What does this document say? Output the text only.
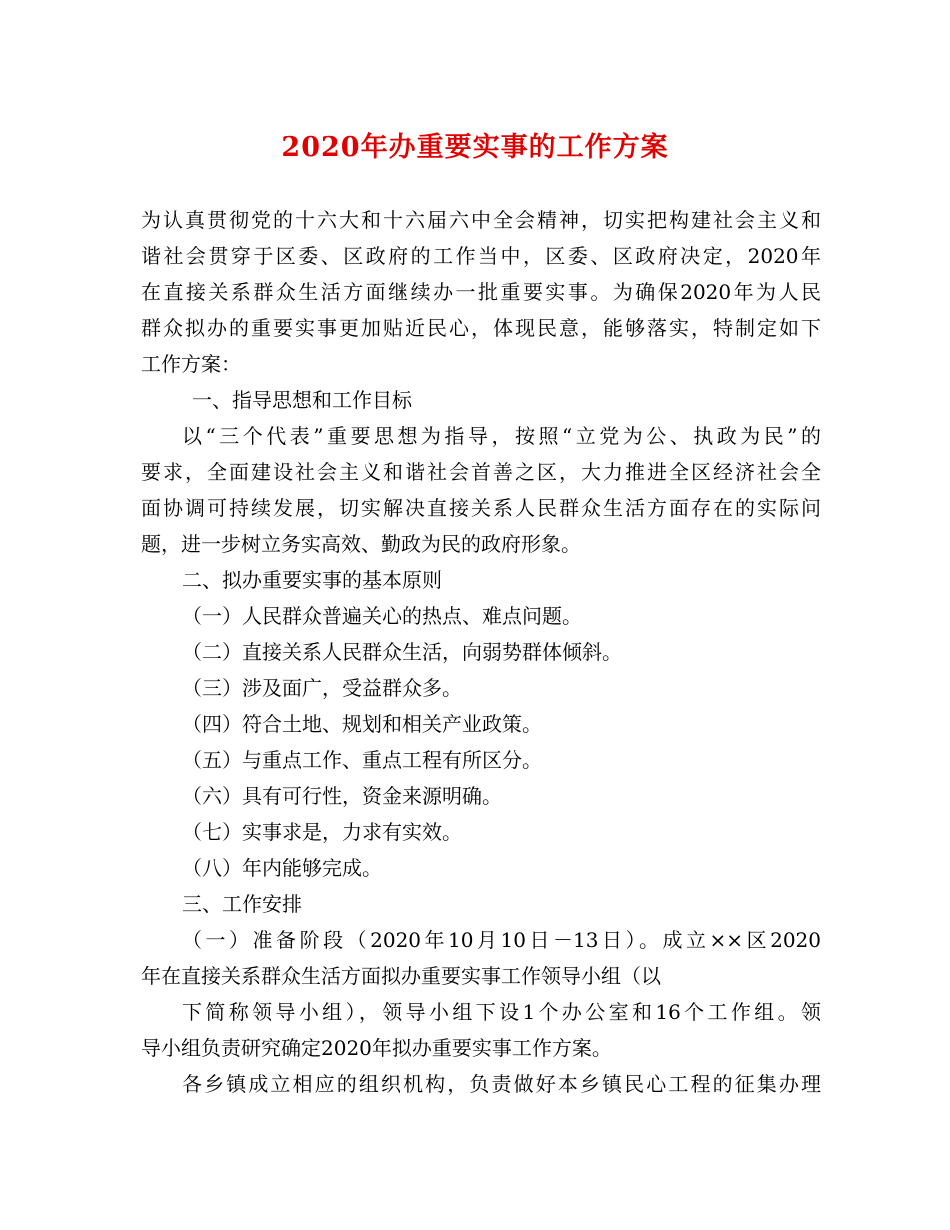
2020年办重要实事的工作方案
为认真贯彻党的十六大和十六届六中全会精神，切实把构建社会主义和
谐社会贯穿于区委、区政府的工作当中，区委、区政府决定，2020年
在直接关系群众生活方面继续办一批重要实事。为确保2020年为人民
群众拟办的重要实事更加贴近民心，体现民意，能够落实，特制定如下
工作方案：
一、指导思想和工作目标
以“三个代表”重要思想为指导，按照“立党为公、执政为民”的
要求，全面建设社会主义和谐社会首善之区，大力推进全区经济社会全
面协调可持续发展，切实解决直接关系人民群众生活方面存在的实际问
题，进一步树立务实高效、勤政为民的政府形象。
二、拟办重要实事的基本原则
（一）人民群众普遍关心的热点、难点问题。
（二）直接关系人民群众生活，向弱势群体倾斜。
（三）涉及面广，受益群众多。
（四）符合土地、规划和相关产业政策。
（五）与重点工作、重点工程有所区分。
（六）具有可行性，资金来源明确。
（七）实事求是，力求有实效。
（八）年内能够完成。
三、工作安排
（一）准备阶段（2020年10月10日－13日）。成立××区2020
年在直接关系群众生活方面拟办重要实事工作领导小组（以
下简称领导小组），领导小组下设1个办公室和16个工作组。领
导小组负责研究确定2020年拟办重要实事工作方案。
各乡镇成立相应的组织机构，负责做好本乡镇民心工程的征集办理
